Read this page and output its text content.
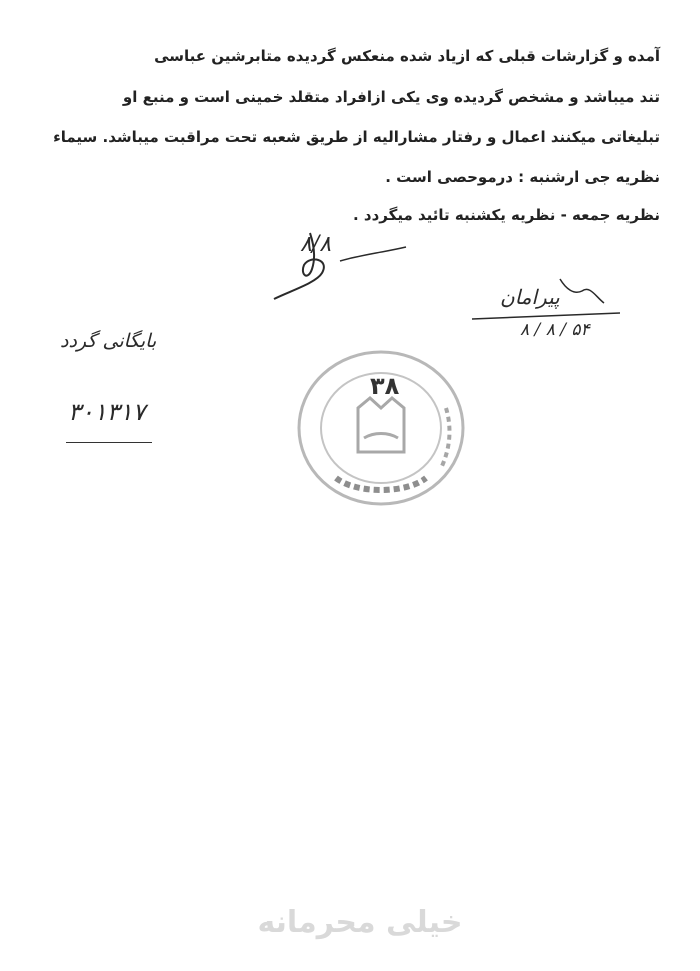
آمده و گزارشات قبلی که ازیاد شده منعکس گردیده متابرشین عباسی
تند میباشد و مشخص گردیده وی یکی ازافراد متقلد خمینی است و منبع او
تبلیغاتی میکنند اعمال و رفتار مشارالیه از طریق شعبه تحت مراقبت میباشد. سیماء
نظریه جی ارشنبه : درموحصی است .
نظریه جمعه - نظریه یکشنبه تائید میگردد .
۸/۸
پیرامان
۵۴ / ۸ / ۸
بایگانی گردد
۳۰۱۳۱۷
۳۸
خیلی محرمانه
